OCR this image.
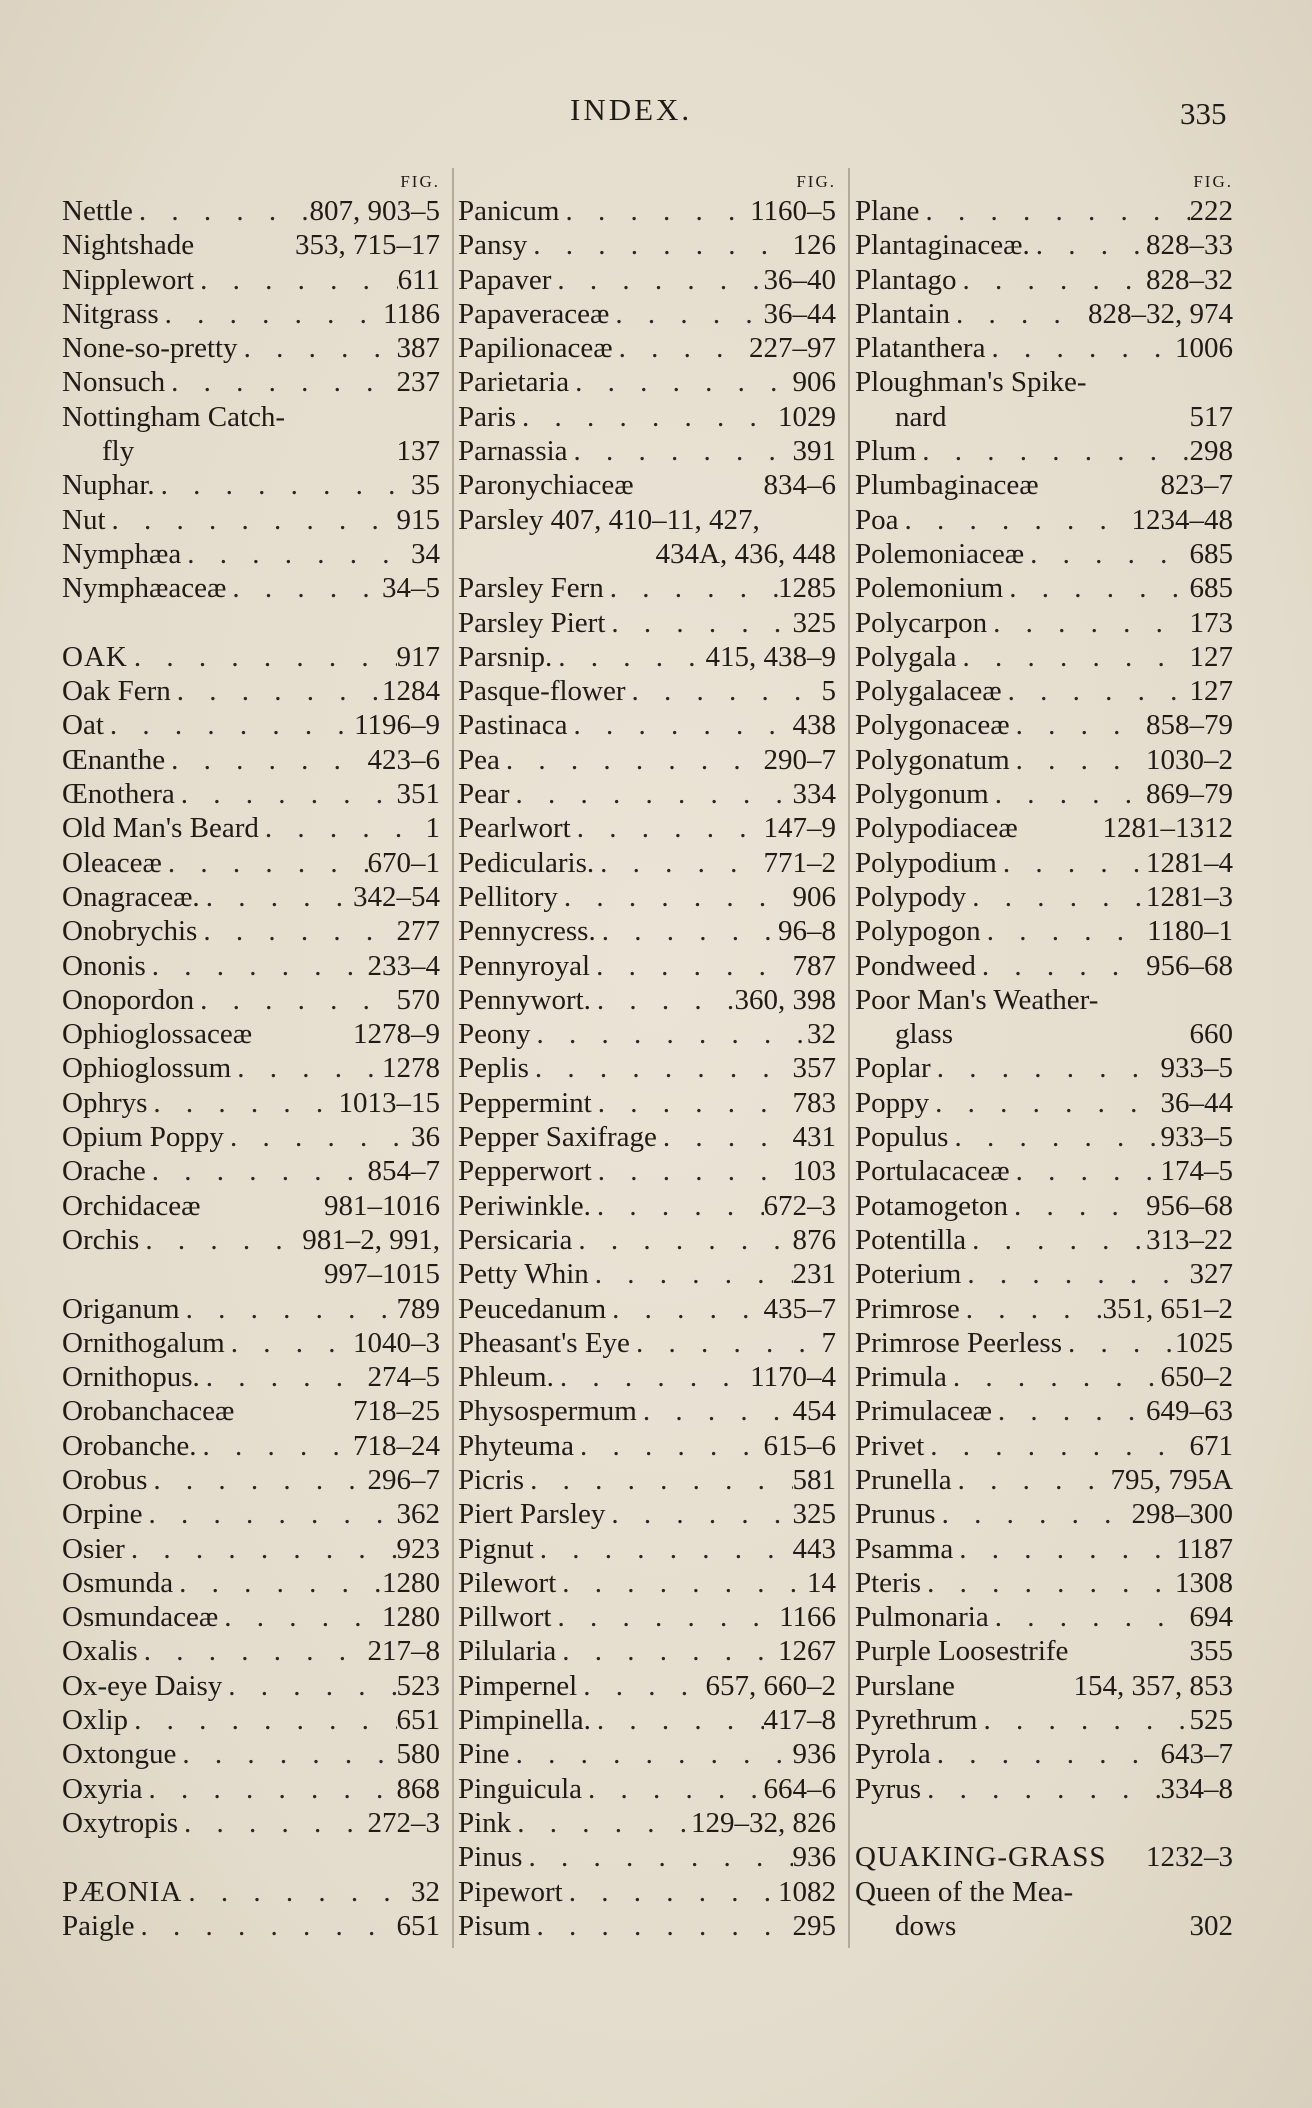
INDEX.	335
FIG.
Nettle . . .	807, 903–5
Nightshade	353, 715–17
Nipplewort . . .	611
Nitgrass . . .	1186
None-so-pretty . . .	387
Nonsuch . . .	237
Nottingham Catch-
fly	137
Nuphar. . . .	35
Nut . . .	915
Nymphæa . . .	34
Nymphæaceæ . . .	34–5
OAK . . .	917
Oak Fern . . .	1284
Oat . . .	1196–9
Œnanthe . . .	423–6
Œnothera . . .	351
Old Man's Beard . . .	1
Oleaceæ . . .	670–1
Onagraceæ. . . .	342–54
Onobrychis . . .	277
Ononis . . .	233–4
Onopordon . . .	570
Ophioglossaceæ	1278–9
Ophioglossum . . .	1278
Ophrys . . .	1013–15
Opium Poppy . . .	36
Orache . . .	854–7
Orchidaceæ	981–1016
Orchis . . .	981–2, 991,
997–1015
Origanum . . .	789
Ornithogalum . . .	1040–3
Ornithopus. . . .	274–5
Orobanchaceæ	718–25
Orobanche. . . .	718–24
Orobus . . .	296–7
Orpine . . .	362
Osier . . .	923
Osmunda . . .	1280
Osmundaceæ . . .	1280
Oxalis . . .	217–8
Ox-eye Daisy . . .	523
Oxlip . . .	651
Oxtongue . . .	580
Oxyria . . .	868
Oxytropis . . .	272–3
PÆONIA . . .	32
Paigle . . .	651
FIG.
Panicum . . .	1160–5
Pansy . . .	126
Papaver . . .	36–40
Papaveraceæ . . .	36–44
Papilionaceæ . . .	227–97
Parietaria . . .	906
Paris . . .	1029
Parnassia . . .	391
Paronychiaceæ	834–6
Parsley 407, 410–11, 427,
434A, 436, 448
Parsley Fern . . .	1285
Parsley Piert . . .	325
Parsnip. . . .	415, 438–9
Pasque-flower . . .	5
Pastinaca . . .	438
Pea . . .	290–7
Pear . . .	334
Pearlwort . . .	147–9
Pedicularis. . . .	771–2
Pellitory . . .	906
Pennycress. . . .	96–8
Pennyroyal . . .	787
Pennywort. . . .	360, 398
Peony . . .	32
Peplis . . .	357
Peppermint . . .	783
Pepper Saxifrage . . .	431
Pepperwort . . .	103
Periwinkle. . . .	672–3
Persicaria . . .	876
Petty Whin . . .	231
Peucedanum . . .	435–7
Pheasant's Eye . . .	7
Phleum. . . .	1170–4
Physospermum . . .	454
Phyteuma . . .	615–6
Picris . . .	581
Piert Parsley . . .	325
Pignut . . .	443
Pilewort . . .	14
Pillwort . . .	1166
Pilularia . . .	1267
Pimpernel . . .	657, 660–2
Pimpinella. . . .	417–8
Pine . . .	936
Pinguicula . . .	664–6
Pink . . .	129–32, 826
Pinus . . .	936
Pipewort . . .	1082
Pisum . . .	295
FIG.
Plane . . .	222
Plantaginaceæ. . . .	828–33
Plantago . . .	828–32
Plantain . . .	828–32, 974
Platanthera . . .	1006
Ploughman's Spike-
nard	517
Plum . . .	298
Plumbaginaceæ	823–7
Poa . . .	1234–48
Polemoniaceæ . . .	685
Polemonium . . .	685
Polycarpon . . .	173
Polygala . . .	127
Polygalaceæ . . .	127
Polygonaceæ . . .	858–79
Polygonatum . . .	1030–2
Polygonum . . .	869–79
Polypodiaceæ	1281–1312
Polypodium . . .	1281–4
Polypody . . .	1281–3
Polypogon . . .	1180–1
Pondweed . . .	956–68
Poor Man's Weather-
glass	660
Poplar . . .	933–5
Poppy . . .	36–44
Populus . . .	933–5
Portulacaceæ . . .	174–5
Potamogeton . . .	956–68
Potentilla . . .	313–22
Poterium . . .	327
Primrose . . .	351, 651–2
Primrose Peerless . . .	1025
Primula . . .	650–2
Primulaceæ . . .	649–63
Privet . . .	671
Prunella . . .	795, 795A
Prunus . . .	298–300
Psamma . . .	1187
Pteris . . .	1308
Pulmonaria . . .	694
Purple Loosestrife	355
Purslane	154, 357, 853
Pyrethrum . . .	525
Pyrola . . .	643–7
Pyrus . . .	334–8
QUAKING-GRASS 1232–3
Queen of the Mea-
dows	302
